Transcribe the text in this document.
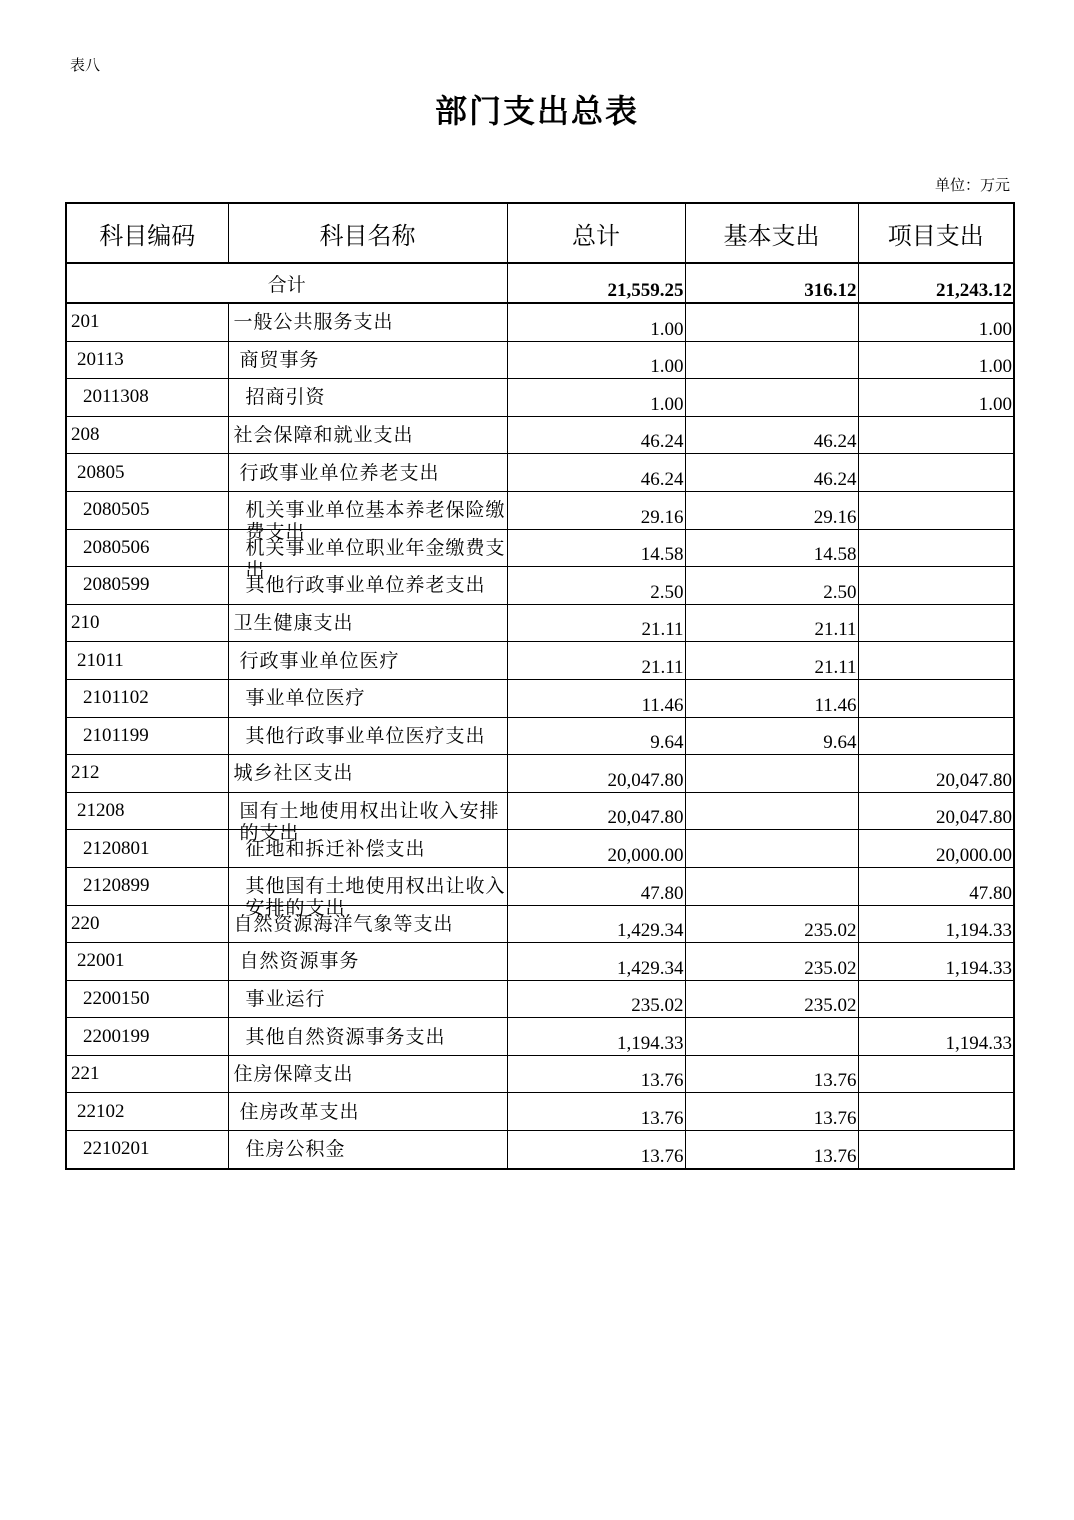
表八
部门支出总表
单位：万元
科目编码	科目名称	总计	基本支出	项目支出
合计		21,559.25	316.12	21,243.12
201	一般公共服务支出	1.00		1.00
20113	商贸事务	1.00		1.00
2011308	招商引资	1.00		1.00
208	社会保障和就业支出	46.24	46.24	
20805	行政事业单位养老支出	46.24	46.24	
2080505	机关事业单位基本养老保险缴费支出	29.16	29.16	
2080506	机关事业单位职业年金缴费支出	14.58	14.58	
2080599	其他行政事业单位养老支出	2.50	2.50	
210	卫生健康支出	21.11	21.11	
21011	行政事业单位医疗	21.11	21.11	
2101102	事业单位医疗	11.46	11.46	
2101199	其他行政事业单位医疗支出	9.64	9.64	
212	城乡社区支出	20,047.80		20,047.80
21208	国有土地使用权出让收入安排的支出	20,047.80		20,047.80
2120801	征地和拆迁补偿支出	20,000.00		20,000.00
2120899	其他国有土地使用权出让收入安排的支出	47.80		47.80
220	自然资源海洋气象等支出	1,429.34	235.02	1,194.33
22001	自然资源事务	1,429.34	235.02	1,194.33
2200150	事业运行	235.02	235.02	
2200199	其他自然资源事务支出	1,194.33		1,194.33
221	住房保障支出	13.76	13.76	
22102	住房改革支出	13.76	13.76	
2210201	住房公积金	13.76	13.76	
